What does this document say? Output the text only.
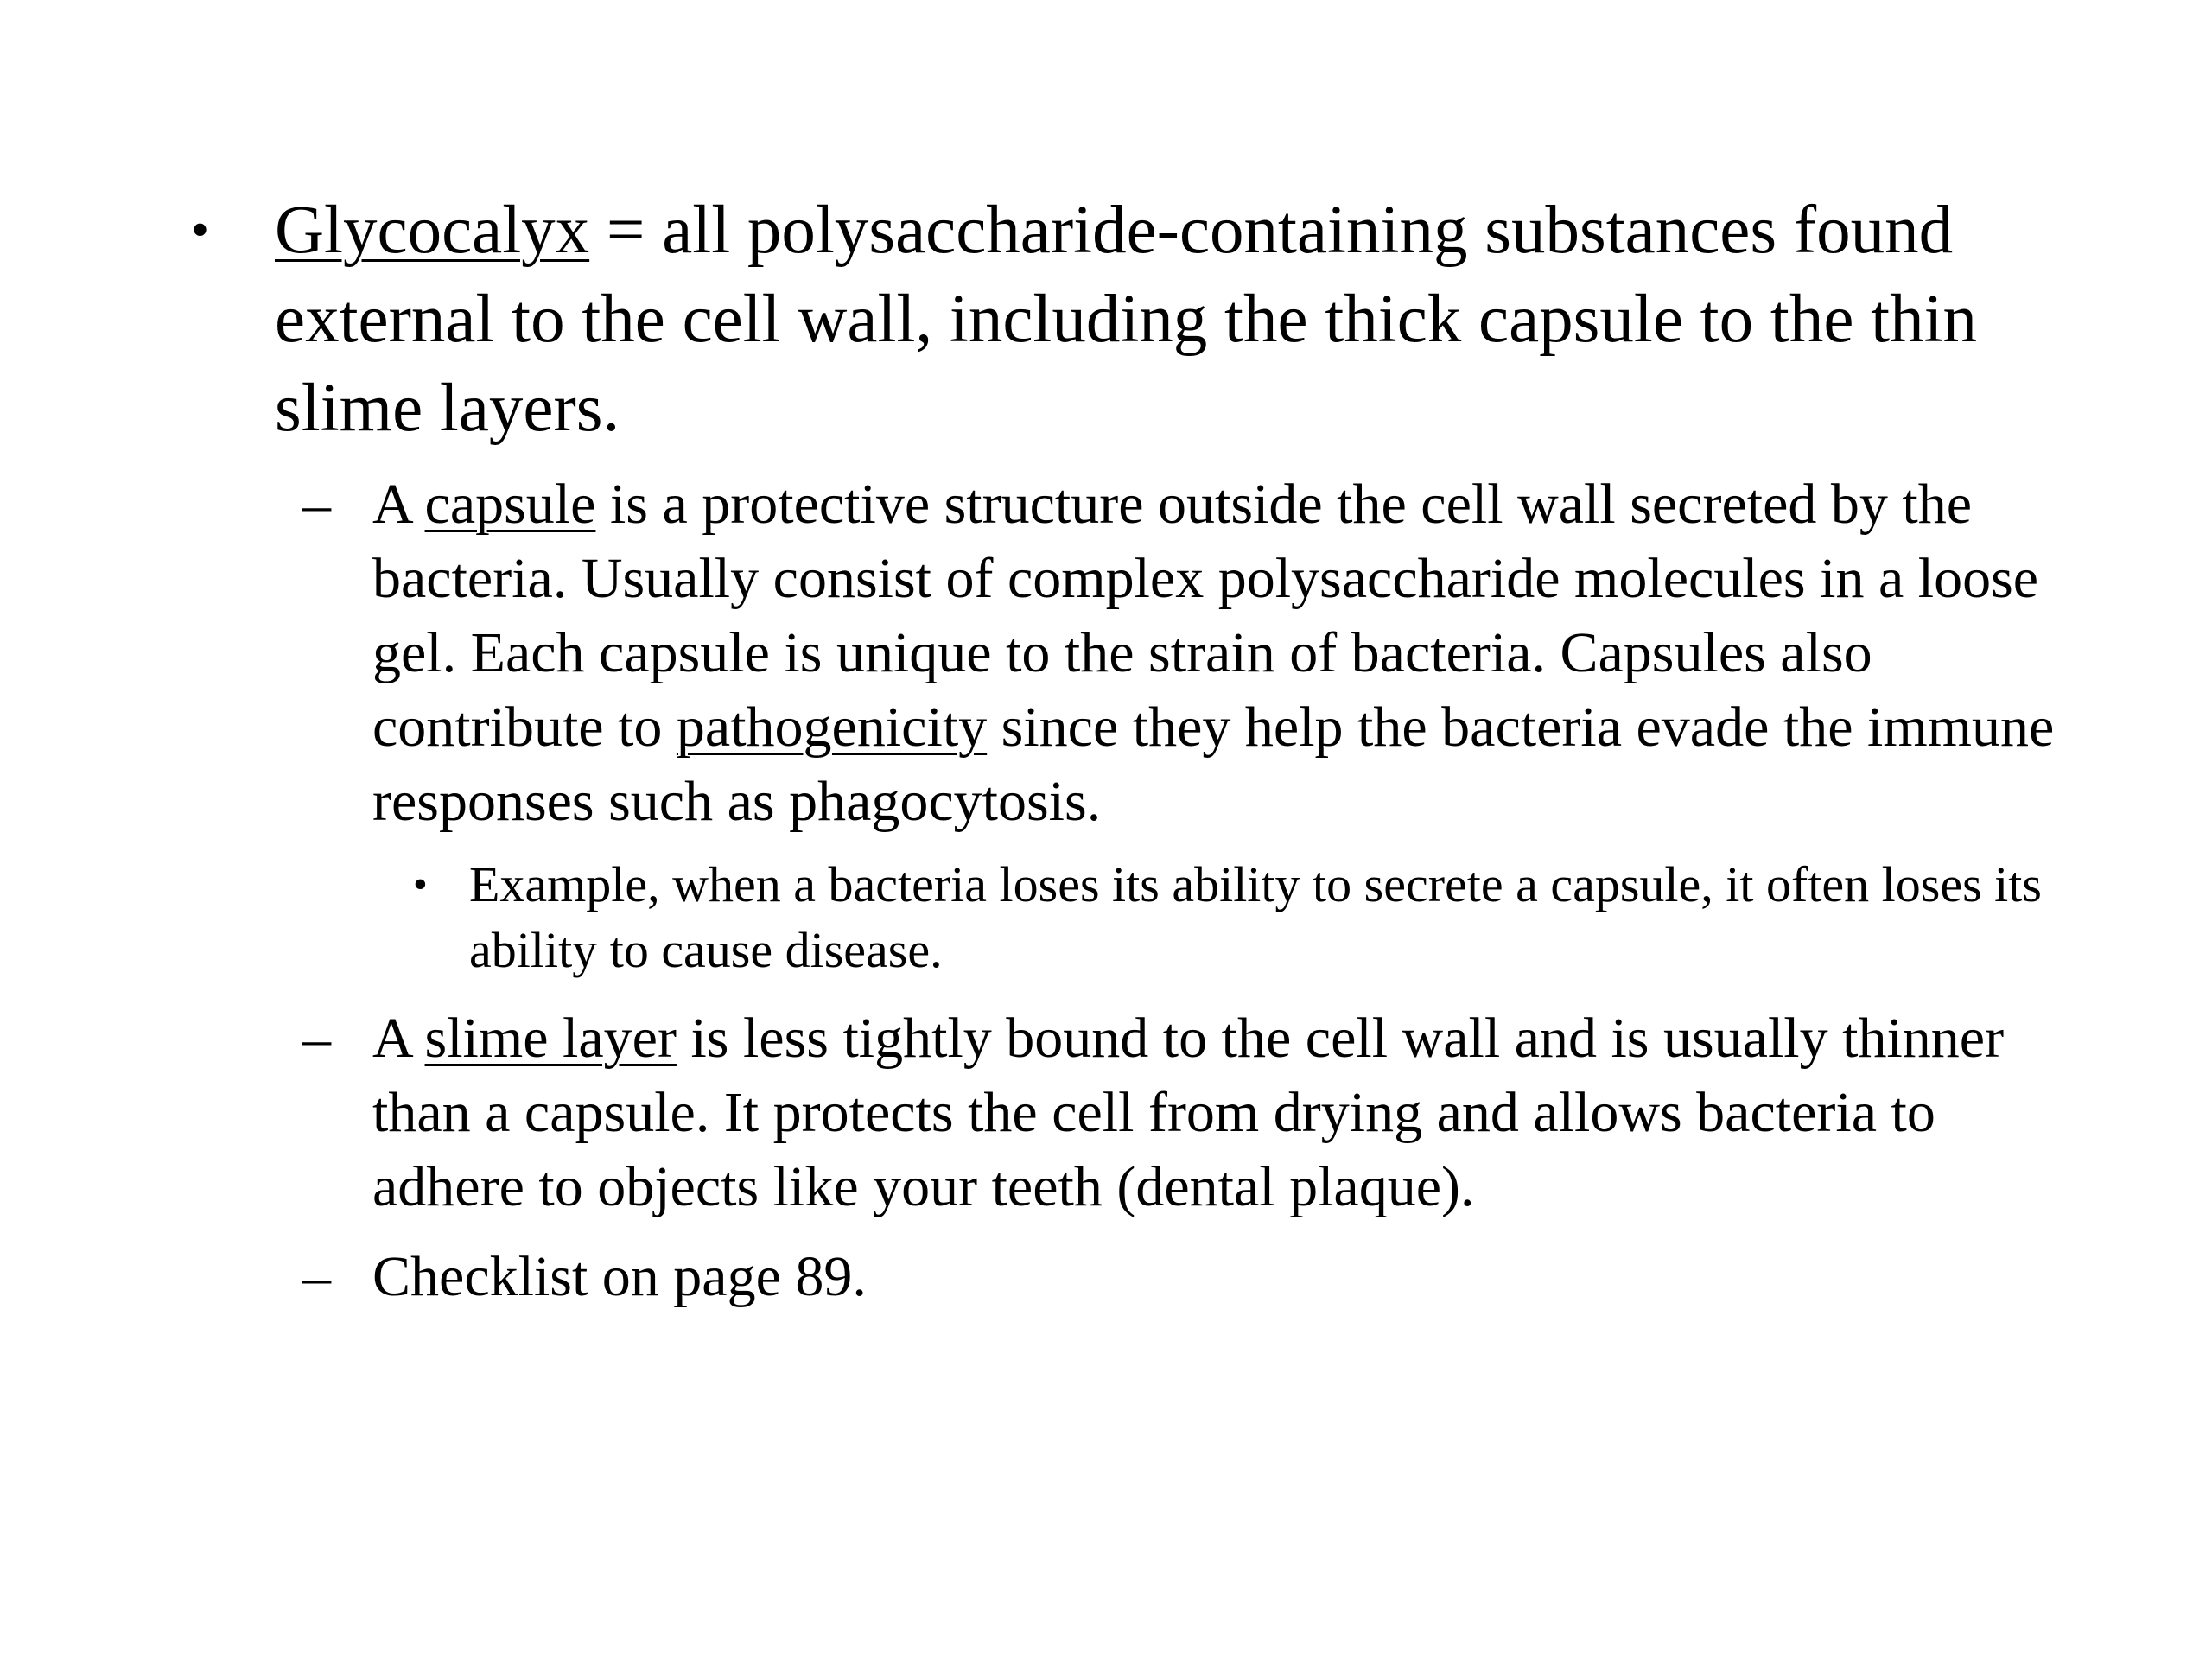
• Glycocalyx = all polysaccharide-containing substances found external to the cell wall, including the thick capsule to the thin slime layers.

– A capsule is a protective structure outside the cell wall secreted by the bacteria. Usually consist of complex polysaccharide molecules in a loose gel. Each capsule is unique to the strain of bacteria. Capsules also contribute to pathogenicity since they help the bacteria evade the immune responses such as phagocytosis.

• Example, when a bacteria loses its ability to secrete a capsule, it often loses its ability to cause disease.

– A slime layer is less tightly bound to the cell wall and is usually thinner than a capsule. It protects the cell from drying and allows bacteria to adhere to objects like your teeth (dental plaque).

– Checklist on page 89.
